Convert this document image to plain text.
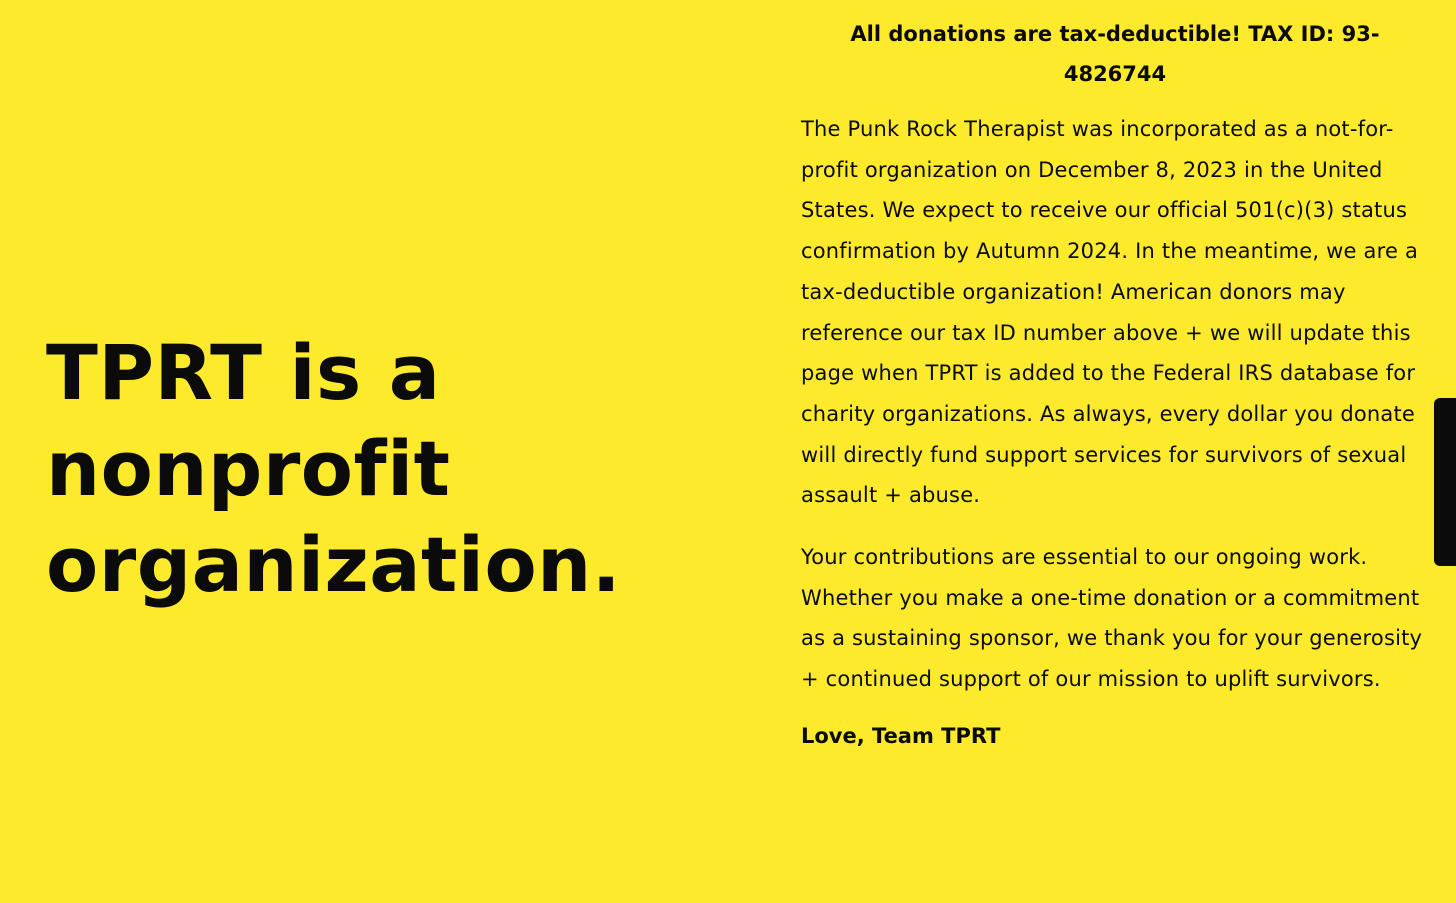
TPRT is a nonprofit organization.

All donations are tax-deductible! TAX ID: 93-4826744

The Punk Rock Therapist was incorporated as a not-for-profit organization on December 8, 2023 in the United States. We expect to receive our official 501(c)(3) status confirmation by Autumn 2024. In the meantime, we are a tax-deductible organization! American donors may reference our tax ID number above + we will update this page when TPRT is added to the Federal IRS database for charity organizations. As always, every dollar you donate will directly fund support services for survivors of sexual assault + abuse.

Your contributions are essential to our ongoing work. Whether you make a one-time donation or a commitment as a sustaining sponsor, we thank you for your generosity + continued support of our mission to uplift survivors.

Love, Team TPRT
